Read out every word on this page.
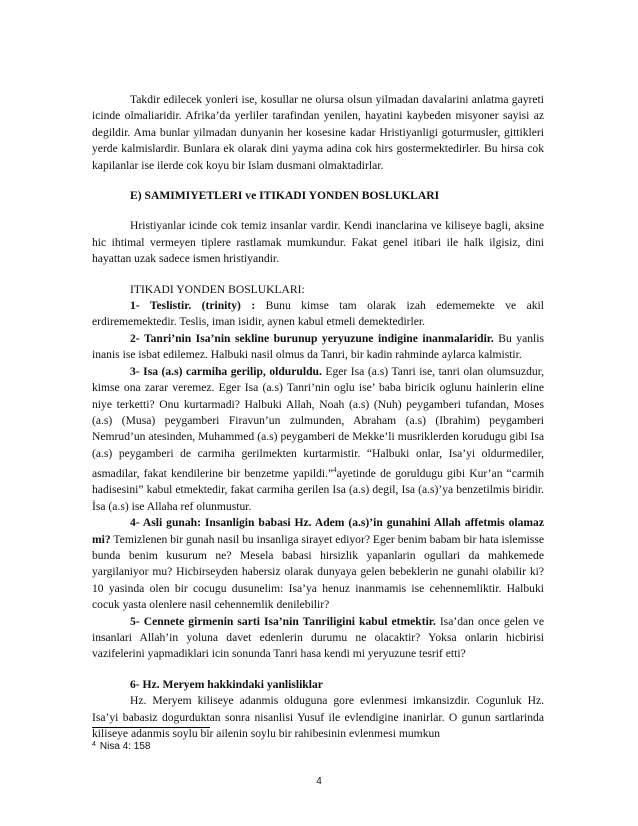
Takdir edilecek yonleri ise, kosullar ne olursa olsun yilmadan davalarini anlatma gayreti icinde olmaliaridir. Afrika’da yerliler tarafindan yenilen, hayatini kaybeden misyoner sayisi az degildir. Ama bunlar yilmadan dunyanin her kosesine kadar Hristiyanligi goturmusler, gittikleri yerde kalmislardir. Bunlara ek olarak dini yayma adina cok hirs gostermektedirler. Bu hirsa cok kapilanlar ise ilerde cok koyu bir Islam dusmani olmaktadirlar.

E) SAMIMIYETLERI ve ITIKADI YONDEN BOSLUKLARI

Hristiyanlar icinde cok temiz insanlar vardir. Kendi inanclarina ve kiliseye bagli, aksine hic ihtimal vermeyen tiplere rastlamak mumkundur. Fakat genel itibari ile halk ilgisiz, dini hayattan uzak sadece ismen hristiyandir.

ITIKADI YONDEN BOSLUKLARI:

1- Teslistir. (trinity) : Bunu kimse tam olarak izah edememekte ve akil erdirememektedir. Teslis, iman isidir, aynen kabul etmeli demektedirler.

2- Tanri’nin Isa’nin sekline burunup yeryuzune indigine inanmalaridir. Bu yanlis inanis ise isbat edilemez. Halbuki nasil olmus da Tanri, bir kadin rahminde aylarca kalmistir.

3- Isa (a.s) carmiha gerilip, olduruldu. Eger Isa (a.s) Tanri ise, tanri olan olumsuzdur, kimse ona zarar veremez. Eger Isa (a.s) Tanri’nin oglu ise’ baba biricik oglunu hainlerin eline niye terketti? Onu kurtarmadi? Halbuki Allah, Noah (a.s) (Nuh) peygamberi tufandan, Moses (a.s) (Musa) peygamberi Firavun’un zulmunden, Abraham (a.s) (Ibrahim) peygamberi Nemrud’un atesinden, Muhammed (a.s) peygamberi de Mekke’li musriklerden korudugu gibi Isa (a.s) peygamberi de carmiha gerilmekten kurtarmistir. “Halbuki onlar, Isa’yi oldurmediler, asmadilar, fakat kendilerine bir benzetme yapildi.”$^4$ayetinde de goruldugu gibi Kur’an “carmih hadisesini” kabul etmektedir, fakat carmiha gerilen Isa (a.s) degil, Isa (a.s)’ya benzetilmis biridir. İsa (a.s) ise Allaha ref olunmustur.

4- Asli gunah: Insanligin babasi Hz. Adem (a.s)’in gunahini Allah affetmis olamaz mi? Temizlenen bir gunah nasil bu insanliga sirayet ediyor? Eger benim babam bir hata islemisse bunda benim kusurum ne? Mesela babasi hirsizlik yapanlarin ogullari da mahkemede yargilaniyor mu? Hicbirseyden habersiz olarak dunyaya gelen bebeklerin ne gunahi olabilir ki? 10 yasinda olen bir cocugu dusunelim: Isa’ya henuz inanmamis ise cehennemliktir. Halbuki cocuk yasta olenlere nasil cehennemlik denilebilir?

5- Cennete girmenin sarti Isa’nin Tanriligini kabul etmektir. Isa’dan once gelen ve insanlari Allah’in yoluna davet edenlerin durumu ne olacaktir? Yoksa onlarin hicbirisi vazifelerini yapmadiklari icin sonunda Tanri hasa kendi mi yeryuzune tesrif etti?

6- Hz. Meryem hakkindaki yanlisliklar

Hz. Meryem kiliseye adanmis olduguna gore evlenmesi imkansizdir. Cogunluk Hz. Isa’yi babasiz dogurduktan sonra nisanlisi Yusuf ile evlendigine inanirlar. O gunun sartlarinda kiliseye adanmis soylu bir ailenin soylu bir rahibesinin evlenmesi mumkun

$^4$ Nisa 4: 158
4
